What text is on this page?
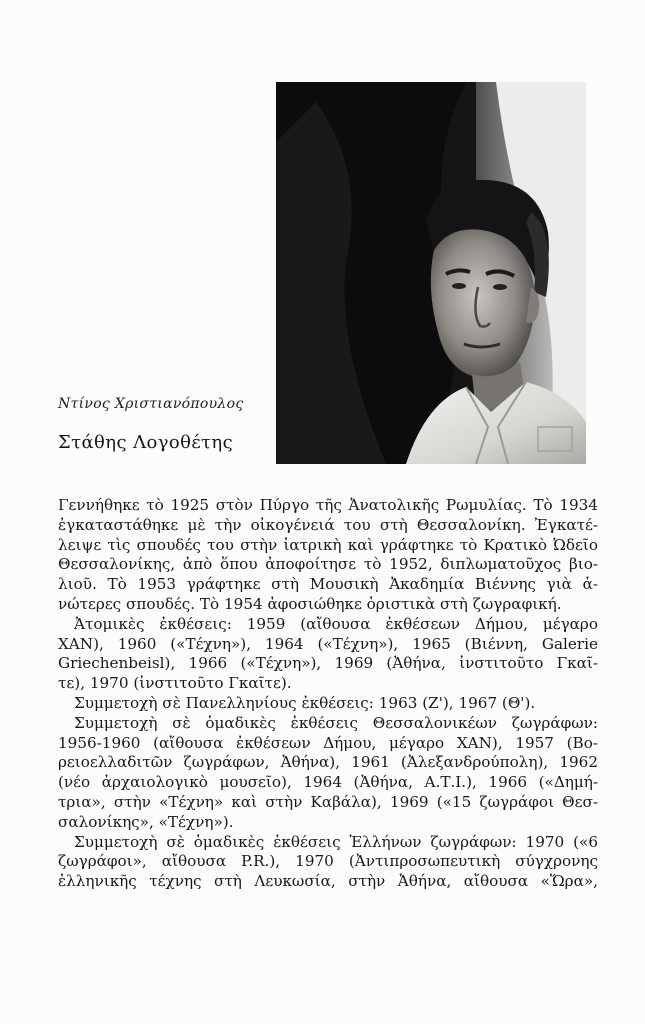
Ντίνος Χριστιανόπουλος
Στάθης Λογοθέτης
Γεννήθηκε τὸ 1925 στὸν Πύργο τῆς Ἀνατολικῆς Ρωμυλίας. Τὸ 1934
ἐγκαταστάθηκε μὲ τὴν οἰκογένειά του στὴ Θεσσαλονίκη. Ἐγκατέ-
λειψε τὶς σπουδές του στὴν ἰατρικὴ καὶ γράφτηκε τὸ Κρατικὸ Ὠδεῖο
Θεσσαλονίκης, ἀπὸ ὅπου ἀποφοίτησε τὸ 1952, διπλωματοῦχος βιο-
λιοῦ. Τὸ 1953 γράφτηκε στὴ Μουσικὴ Ἀκαδημία Βιέννης γιὰ ἀ-
νώτερες σπουδές. Τὸ 1954 ἀφοσιώθηκε ὁριστικὰ στὴ ζωγραφική.
Ἀτομικὲς ἐκθέσεις: 1959 (αἴθουσα ἐκθέσεων Δήμου, μέγαρο
ΧΑΝ), 1960 («Τέχνη»), 1964 («Τέχνη»), 1965 (Βιέννη, Galerie
Griechenbeisl), 1966 («Τέχνη»), 1969 (Ἀθήνα, ἰνστιτοῦτο Γκαῖ-
τε), 1970 (ἰνστιτοῦτο Γκαῖτε).
Συμμετοχὴ σὲ Πανελληνίους ἐκθέσεις: 1963 (Ζ'), 1967 (Θ').
Συμμετοχὴ σὲ ὁμαδικὲς ἐκθέσεις Θεσσαλονικέων ζωγράφων:
1956-1960 (αἴθουσα ἐκθέσεων Δήμου, μέγαρο ΧΑΝ), 1957 (Βο-
ρειοελλαδιτῶν ζωγράφων, Ἀθήνα), 1961 (Ἀλεξανδρούπολη), 1962
(νέο ἀρχαιολογικὸ μουσεῖο), 1964 (Ἀθήνα, Α.Τ.Ι.), 1966 («Δημή-
τρια», στὴν «Τέχνη» καὶ στὴν Καβάλα), 1969 («15 ζωγράφοι Θεσ-
σαλονίκης», «Τέχνη»).
Συμμετοχὴ σὲ ὁμαδικὲς ἐκθέσεις Ἑλλήνων ζωγράφων: 1970 («6
ζωγράφοι», αἴθουσα P.R.), 1970 (Ἀντιπροσωπευτικὴ σύγχρονης
ἑλληνικῆς τέχνης στὴ Λευκωσία, στὴν Ἀθήνα, αἴθουσα «Ὥρα»,
